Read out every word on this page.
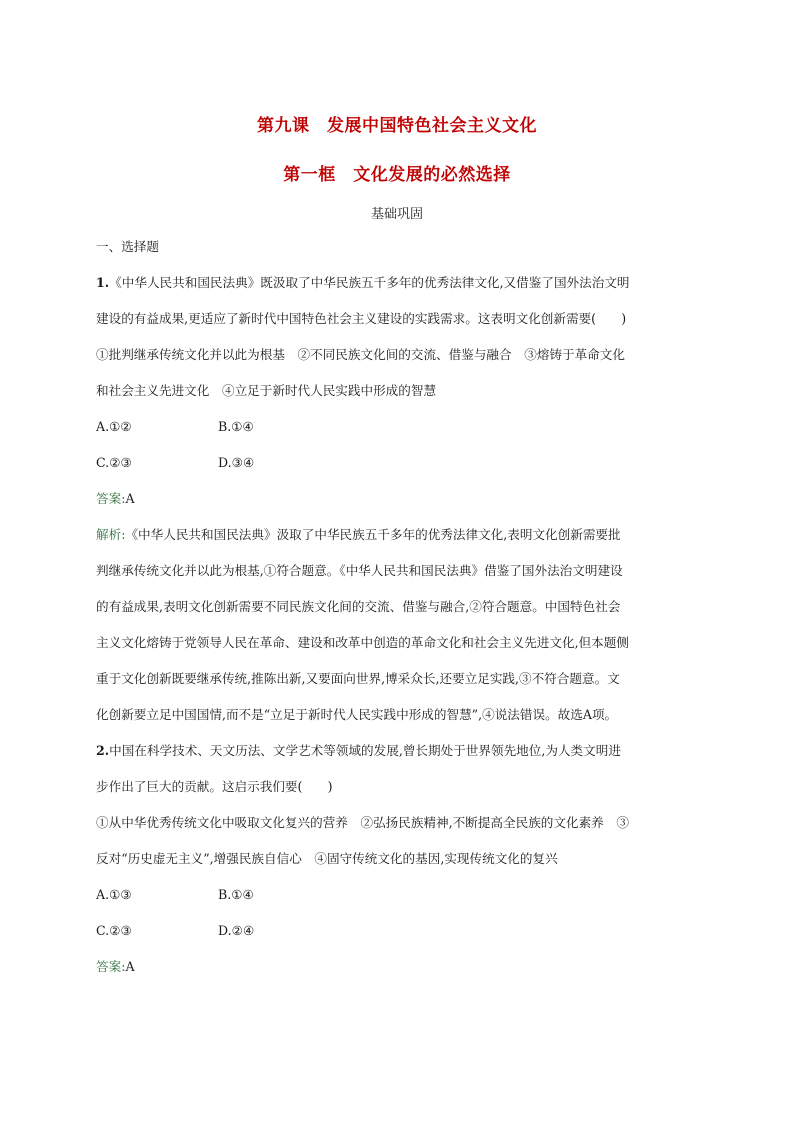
第九课　发展中国特色社会主义文化
第一框　文化发展的必然选择
基础巩固
一、选择题
1.《中华人民共和国民法典》既汲取了中华民族五千多年的优秀法律文化,又借鉴了国外法治文明
建设的有益成果,更适应了新时代中国特色社会主义建设的实践需求。这表明文化创新需要(　　)
①批判继承传统文化并以此为根基　②不同民族文化间的交流、借鉴与融合　③熔铸于革命文化
和社会主义先进文化　④立足于新时代人民实践中形成的智慧
A.①②	B.①④
C.②③	D.③④
答案:A
解析:《中华人民共和国民法典》汲取了中华民族五千多年的优秀法律文化,表明文化创新需要批
判继承传统文化并以此为根基,①符合题意。《中华人民共和国民法典》借鉴了国外法治文明建设
的有益成果,表明文化创新需要不同民族文化间的交流、借鉴与融合,②符合题意。中国特色社会
主义文化熔铸于党领导人民在革命、建设和改革中创造的革命文化和社会主义先进文化,但本题侧
重于文化创新既要继承传统,推陈出新,又要面向世界,博采众长,还要立足实践,③不符合题意。文
化创新要立足中国国情,而不是“立足于新时代人民实践中形成的智慧”,④说法错误。故选A项。
2.中国在科学技术、天文历法、文学艺术等领域的发展,曾长期处于世界领先地位,为人类文明进
步作出了巨大的贡献。这启示我们要(　　)
①从中华优秀传统文化中吸取文化复兴的营养　②弘扬民族精神,不断提高全民族的文化素养　③
反对“历史虚无主义”,增强民族自信心　④固守传统文化的基因,实现传统文化的复兴
A.①③	B.①④
C.②③	D.②④
答案:A
